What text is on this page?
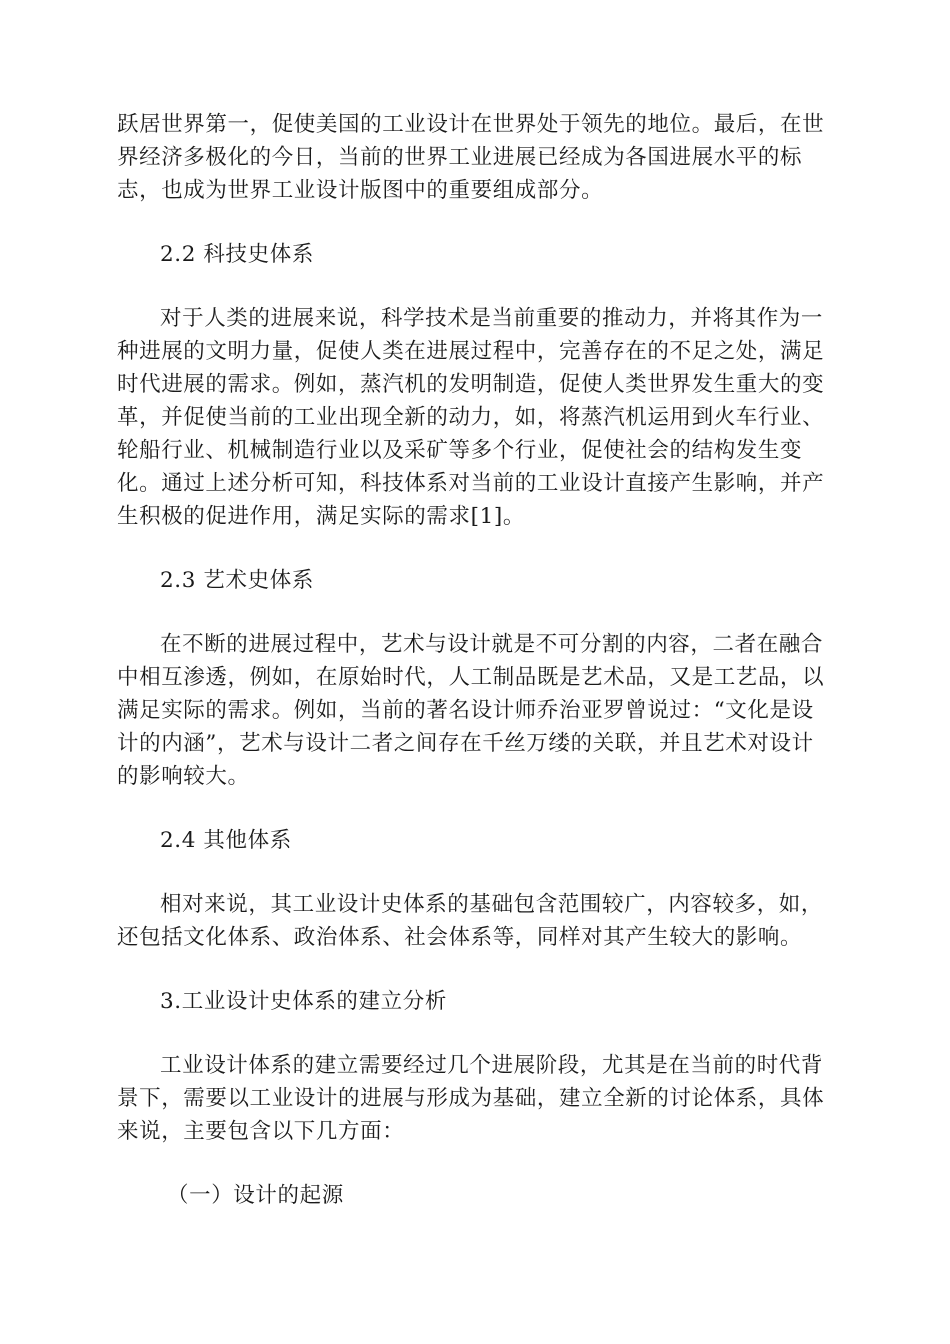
跃居世界第一，促使美国的工业设计在世界处于领先的地位。最后，在世
界经济多极化的今日，当前的世界工业进展已经成为各国进展水平的标
志，也成为世界工业设计版图中的重要组成部分。
2.2 科技史体系
对于人类的进展来说，科学技术是当前重要的推动力，并将其作为一
种进展的文明力量，促使人类在进展过程中，完善存在的不足之处，满足
时代进展的需求。例如，蒸汽机的发明制造，促使人类世界发生重大的变
革，并促使当前的工业出现全新的动力，如，将蒸汽机运用到火车行业、
轮船行业、机械制造行业以及采矿等多个行业，促使社会的结构发生变
化。通过上述分析可知，科技体系对当前的工业设计直接产生影响，并产
生积极的促进作用，满足实际的需求[1]。
2.3 艺术史体系
在不断的进展过程中，艺术与设计就是不可分割的内容，二者在融合
中相互渗透，例如，在原始时代，人工制品既是艺术品，又是工艺品，以
满足实际的需求。例如，当前的著名设计师乔治亚罗曾说过：“文化是设
计的内涵”，艺术与设计二者之间存在千丝万缕的关联，并且艺术对设计
的影响较大。
2.4 其他体系
相对来说，其工业设计史体系的基础包含范围较广，内容较多，如，
还包括文化体系、政治体系、社会体系等，同样对其产生较大的影响。
3.工业设计史体系的建立分析
工业设计体系的建立需要经过几个进展阶段，尤其是在当前的时代背
景下，需要以工业设计的进展与形成为基础，建立全新的讨论体系，具体
来说，主要包含以下几方面：
（一）设计的起源
